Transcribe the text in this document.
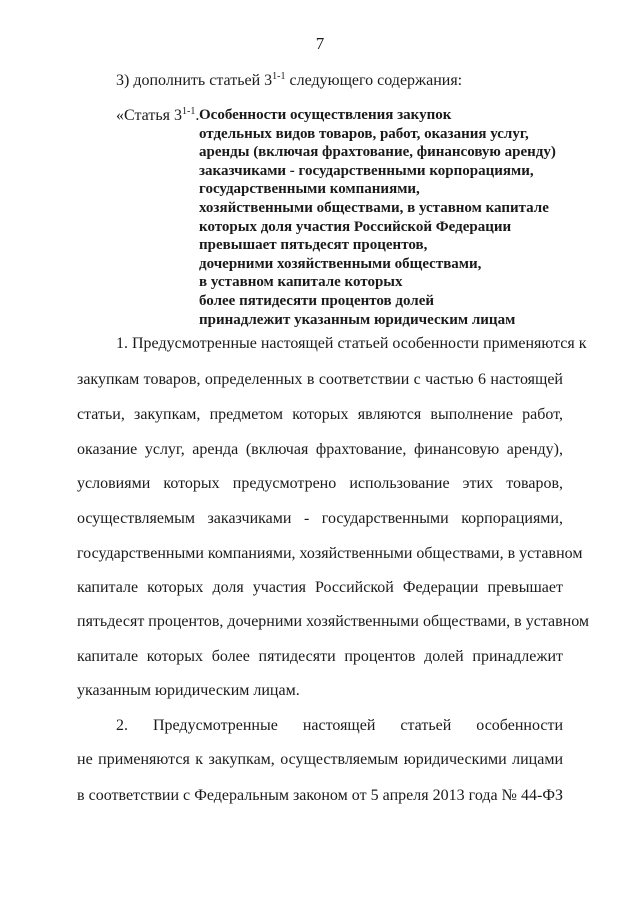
7
3) дополнить статьей 3$^{1-1}$ следующего содержания:
«Статья 3$^{1-1}$. Особенности осуществления закупок
отдельных видов товаров, работ, оказания услуг,
аренды (включая фрахтование, финансовую аренду)
заказчиками - государственными корпорациями,
государственными компаниями,
хозяйственными обществами, в уставном капитале
которых доля участия Российской Федерации
превышает пятьдесят процентов,
дочерними хозяйственными обществами,
в уставном капитале которых
более пятидесяти процентов долей
принадлежит указанным юридическим лицам
1. Предусмотренные настоящей статьей особенности применяются к
закупкам товаров, определенных в соответствии с частью 6 настоящей
статьи, закупкам, предметом которых являются выполнение работ,
оказание услуг, аренда (включая фрахтование, финансовую аренду),
условиями которых предусмотрено использование этих товаров,
осуществляемым заказчиками - государственными корпорациями,
государственными компаниями, хозяйственными обществами, в уставном
капитале которых доля участия Российской Федерации превышает
пятьдесят процентов, дочерними хозяйственными обществами, в уставном
капитале которых более пятидесяти процентов долей принадлежит
указанным юридическим лицам.
2. Предусмотренные настоящей статьей особенности
не применяются к закупкам, осуществляемым юридическими лицами
в соответствии с Федеральным законом от 5 апреля 2013 года № 44-ФЗ
